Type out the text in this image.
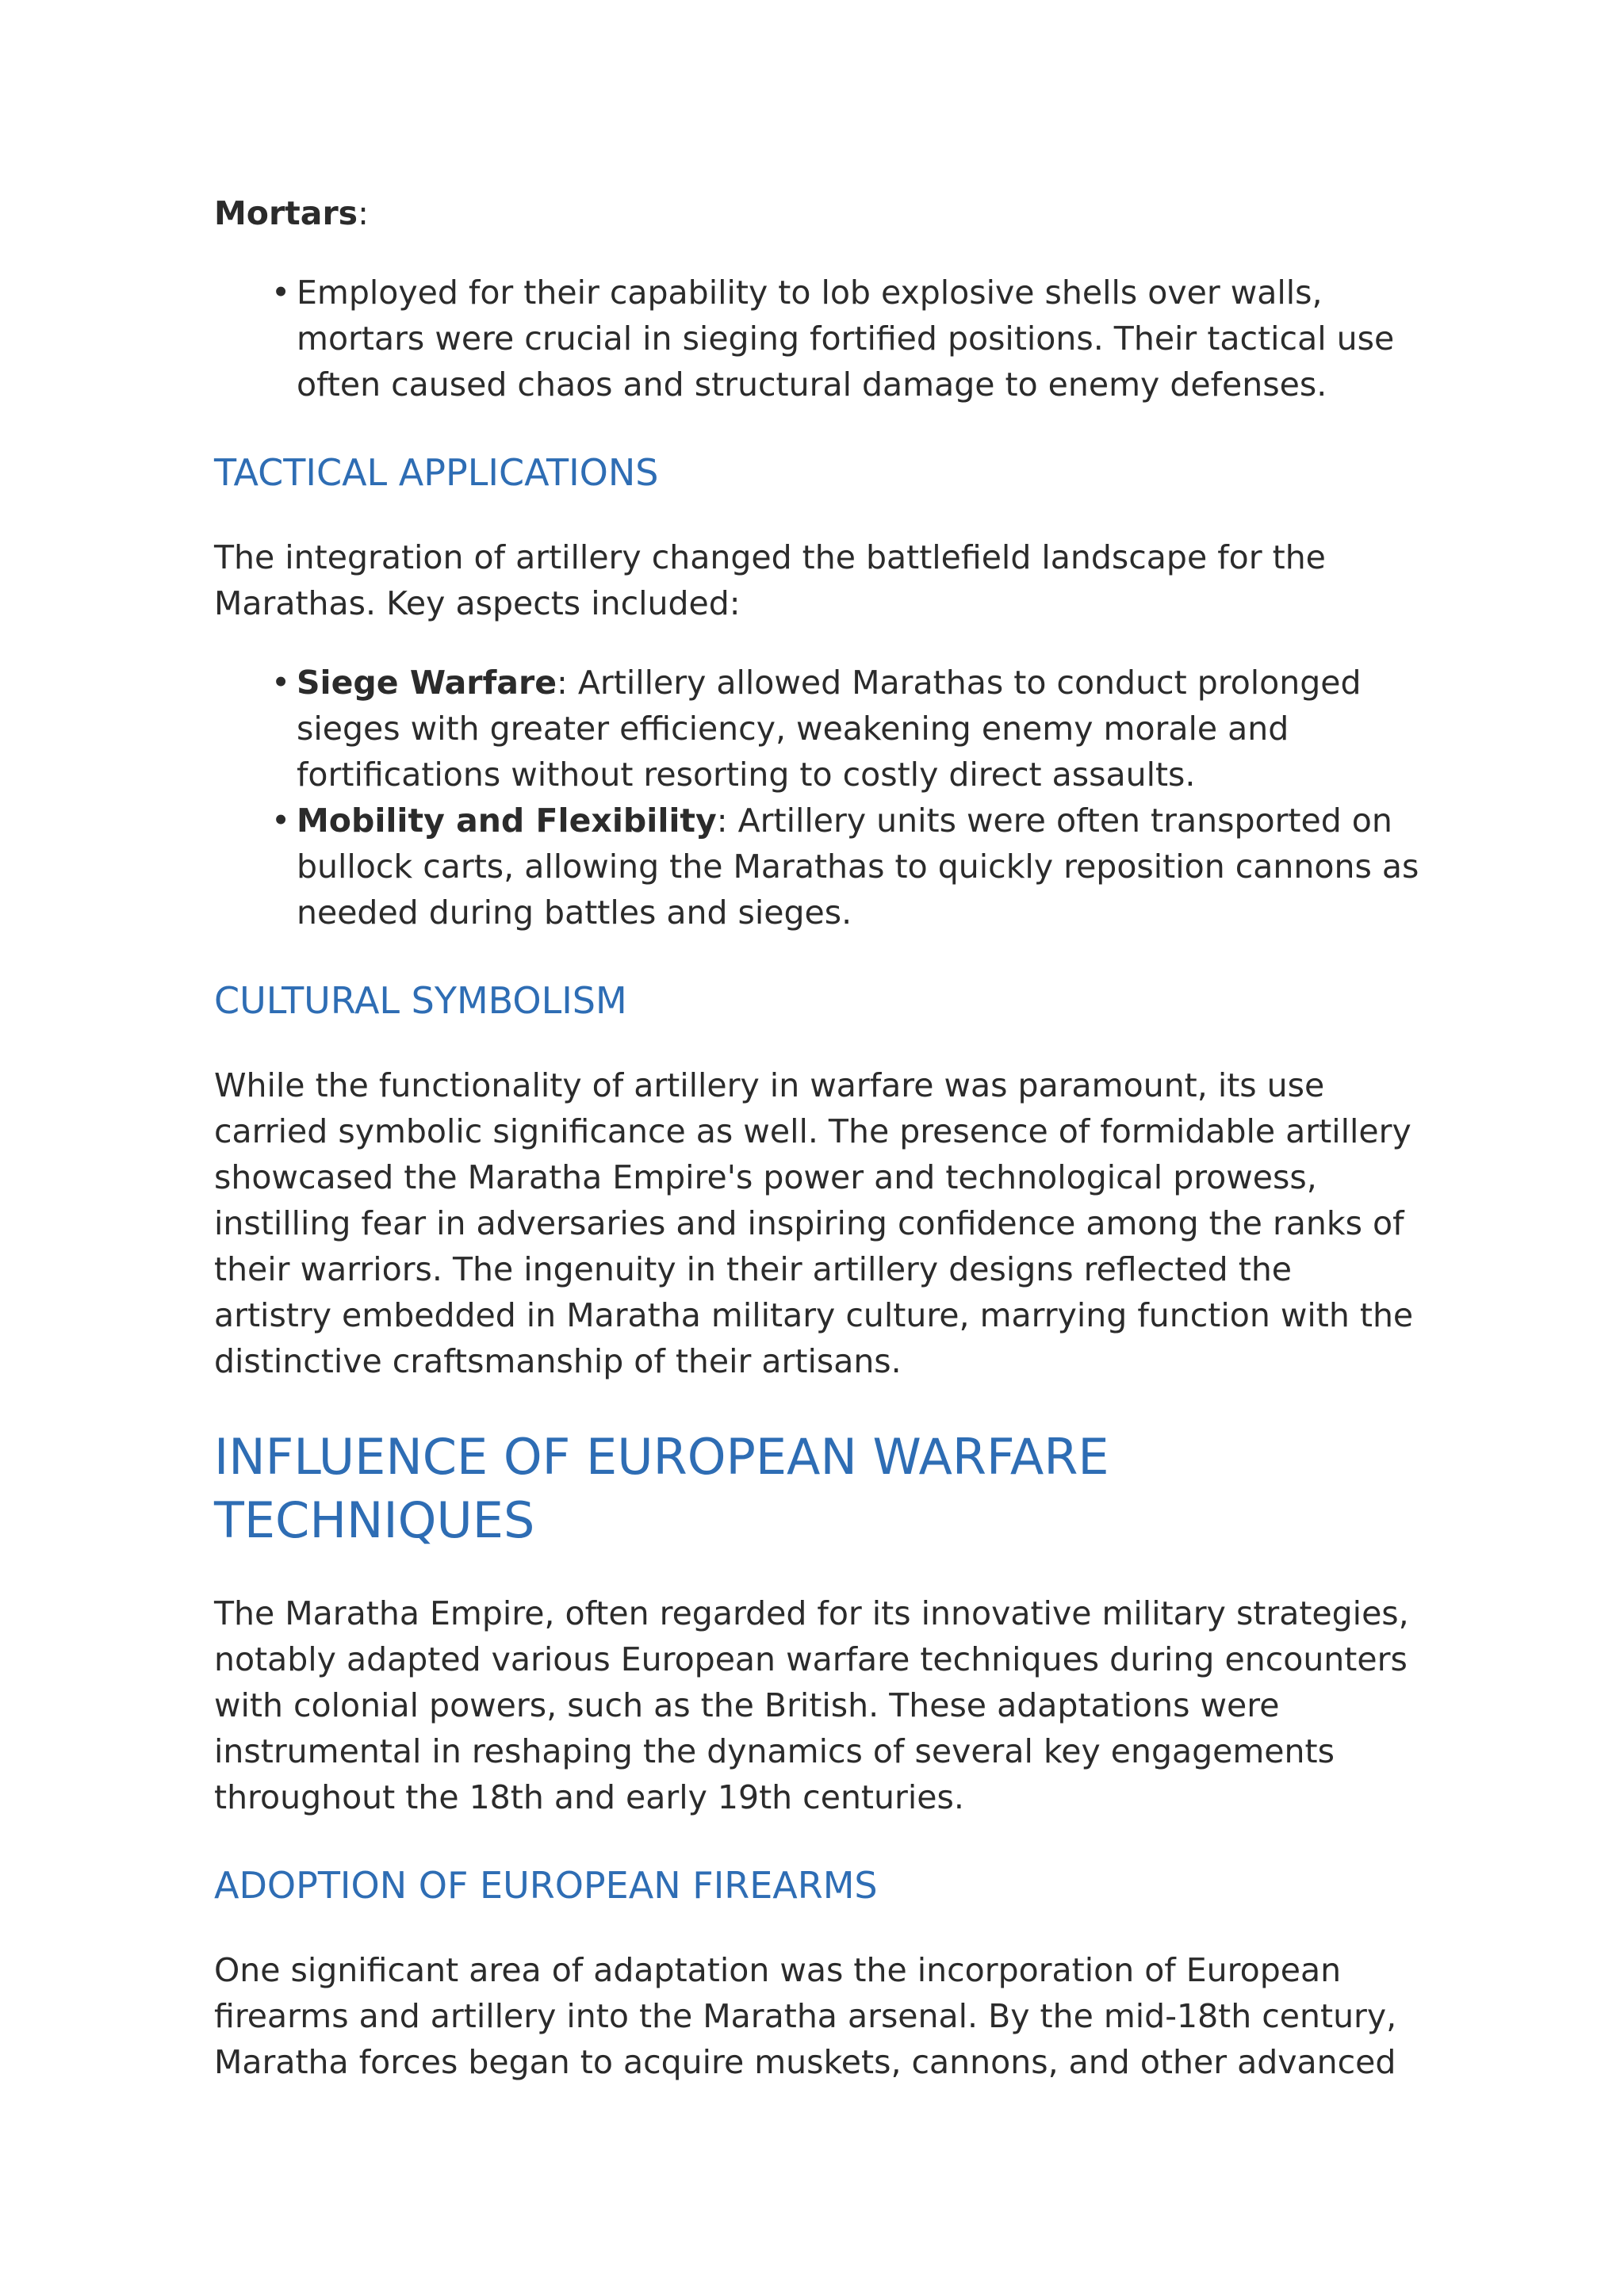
Mortars:

• Employed for their capability to lob explosive shells over walls, mortars were crucial in sieging fortified positions. Their tactical use often caused chaos and structural damage to enemy defenses.
TACTICAL APPLICATIONS

The integration of artillery changed the battlefield landscape for the Marathas. Key aspects included:

• Siege Warfare: Artillery allowed Marathas to conduct prolonged sieges with greater efficiency, weakening enemy morale and fortifications without resorting to costly direct assaults.
• Mobility and Flexibility: Artillery units were often transported on bullock carts, allowing the Marathas to quickly reposition cannons as needed during battles and sieges.
CULTURAL SYMBOLISM

While the functionality of artillery in warfare was paramount, its use carried symbolic significance as well. The presence of formidable artillery showcased the Maratha Empire's power and technological prowess, instilling fear in adversaries and inspiring confidence among the ranks of their warriors. The ingenuity in their artillery designs reflected the artistry embedded in Maratha military culture, marrying function with the distinctive craftsmanship of their artisans.

INFLUENCE OF EUROPEAN WARFARE TECHNIQUES

The Maratha Empire, often regarded for its innovative military strategies, notably adapted various European warfare techniques during encounters with colonial powers, such as the British. These adaptations were instrumental in reshaping the dynamics of several key engagements throughout the 18th and early 19th centuries.

ADOPTION OF EUROPEAN FIREARMS

One significant area of adaptation was the incorporation of European firearms and artillery into the Maratha arsenal. By the mid-18th century, Maratha forces began to acquire muskets, cannons, and other advanced
